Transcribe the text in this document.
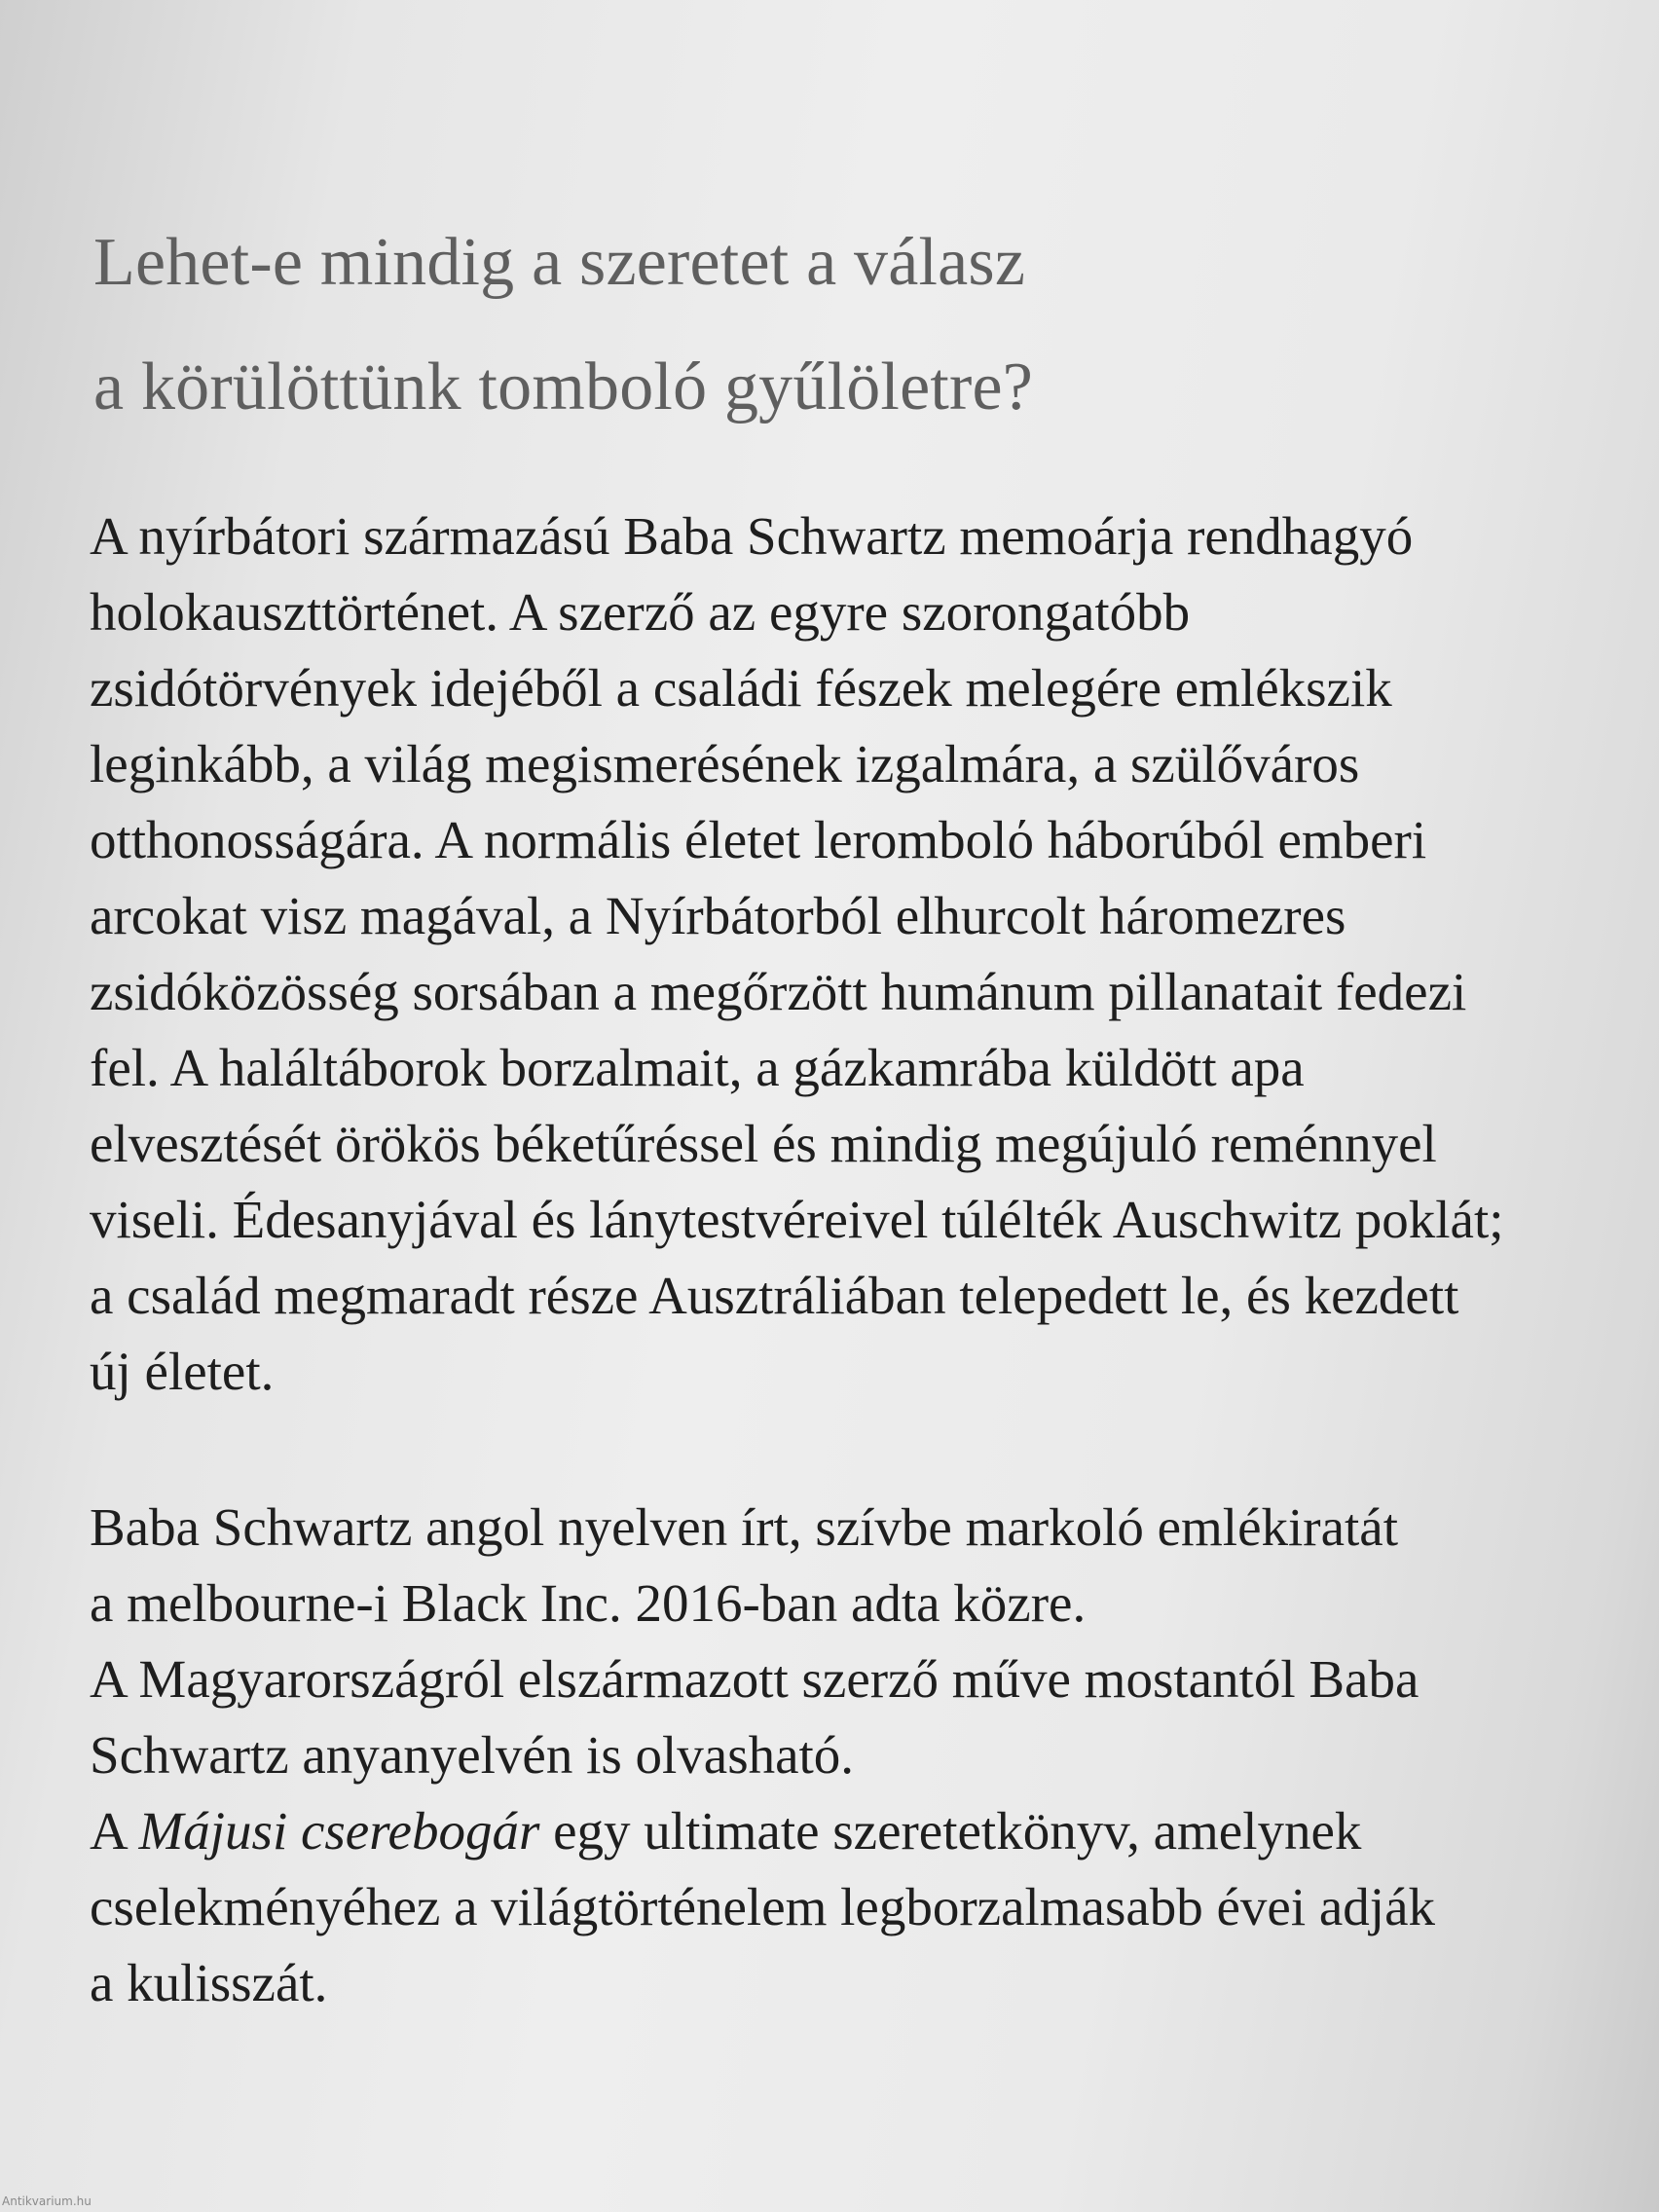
Lehet-e mindig a szeretet a válasz
a körülöttünk tomboló gyűlöletre?
A nyírbátori származású Baba Schwartz memoárja rendhagyó
holokauszttörténet. A szerző az egyre szorongatóbb
zsidótörvények idejéből a családi fészek melegére emlékszik
leginkább, a világ megismerésének izgalmára, a szülőváros
otthonosságára. A normális életet lerombolό háborúból emberi
arcokat visz magával, a Nyírbátorból elhurcolt háromezres
zsidóközösség sorsában a megőrzött humánum pillanatait fedezi
fel. A haláltáborok borzalmait, a gázkamrába küldött apa
elvesztését örökös béketűréssel és mindig megújuló reménnyel
viseli. Édesanyjával és lánytestvéreivel túlélték Auschwitz poklát;
a család megmaradt része Ausztráliában telepedett le, és kezdett
új életet.
Baba Schwartz angol nyelven írt, szívbe markoló emlékiratát
a melbourne-i Black Inc. 2016-ban adta közre.
A Magyarországról elszármazott szerző műve mostantól Baba
Schwartz anyanyelvén is olvasható.
A Májusi cserebogár egy ultimate szeretetkönyv, amelynek
cselekményéhez a világtörténelem legborzalmasabb évei adják
a kulisszát.
Antikvarium.hu
